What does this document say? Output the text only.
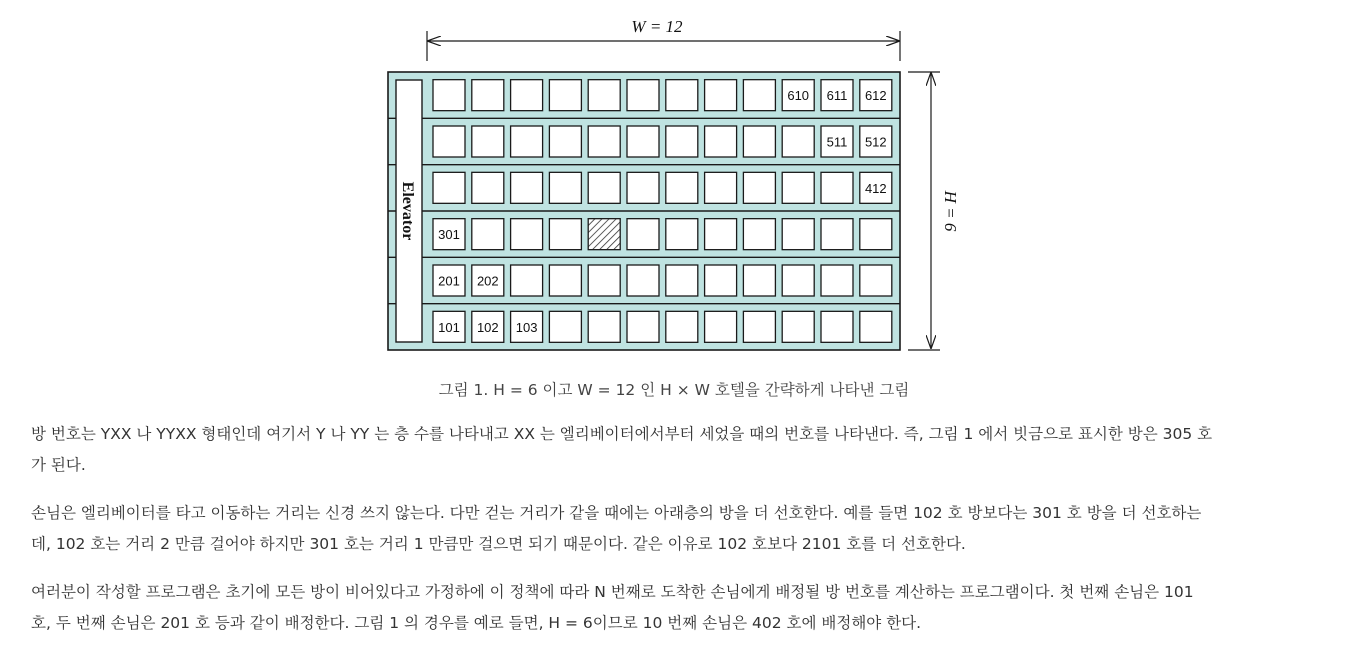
W = 12
H = 6
Elevator
610 611 612
511 512
412
301
201 202
101 102 103
그림 1. H = 6 이고 W = 12 인 H × W 호텔을 간략하게 나타낸 그림

방 번호는 YXX 나 YYXX 형태인데 여기서 Y 나 YY 는 층 수를 나타내고 XX 는 엘리베이터에서부터 세었을 때의 번호를 나타낸다. 즉, 그림 1 에서 빗금으로 표시한 방은 305 호
가 된다.

손님은 엘리베이터를 타고 이동하는 거리는 신경 쓰지 않는다. 다만 걷는 거리가 같을 때에는 아래층의 방을 더 선호한다. 예를 들면 102 호 방보다는 301 호 방을 더 선호하는
데, 102 호는 거리 2 만큼 걸어야 하지만 301 호는 거리 1 만큼만 걸으면 되기 때문이다. 같은 이유로 102 호보다 2101 호를 더 선호한다.

여러분이 작성할 프로그램은 초기에 모든 방이 비어있다고 가정하에 이 정책에 따라 N 번째로 도착한 손님에게 배정될 방 번호를 계산하는 프로그램이다. 첫 번째 손님은 101
호, 두 번째 손님은 201 호 등과 같이 배정한다. 그림 1 의 경우를 예로 들면, H = 6이므로 10 번째 손님은 402 호에 배정해야 한다.
